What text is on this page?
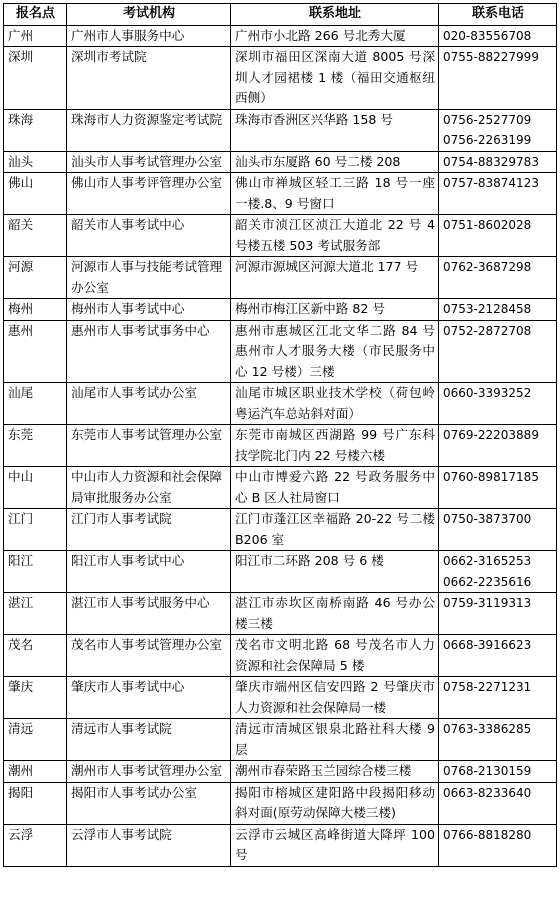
报名点	考试机构	联系地址	联系电话
广州	广州市人事服务中心	广州市小北路 266 号北秀大厦	020-83556708

深圳	深圳市考试院	深圳市福田区深南大道 8005 号深圳人才园裙楼 1 楼（福田交通枢纽西侧）	0755-88227999

珠海	珠海市人力资源鉴定考试院	珠海市香洲区兴华路 158 号	0756-2527709
0756-2263199

汕头	汕头市人事考试管理办公室	汕头市东厦路 60 号二楼 208	0754-88329783

佛山	佛山市人事考评管理办公室	佛山市禅城区轻工三路 18 号一座一楼.8、9 号窗口	0757-83874123

韶关	韶关市人事考试中心	韶关市浈江区浈江大道北 22 号 4 号楼五楼 503 考试服务部	0751-8602028

河源	河源市人事与技能考试管理办公室	河源市源城区河源大道北 177 号	0762-3687298

梅州	梅州市人事考试中心	梅州市梅江区新中路 82 号	0753-2128458

惠州	惠州市人事考试事务中心	惠州市惠城区江北文华二路 84 号惠州市人才服务大楼（市民服务中心 12 号楼）三楼	0752-2872708

汕尾	汕尾市人事考试办公室	汕尾市城区职业技术学校（荷包岭粤运汽车总站斜对面）	0660-3393252

东莞	东莞市人事考试管理办公室	东莞市南城区西湖路 99 号广东科技学院北门内 22 号楼六楼	0769-22203889

中山	中山市人力资源和社会保障局审批服务办公室	中山市博爱六路 22 号政务服务中心 B 区人社局窗口	0760-89817185

江门	江门市人事考试院	江门市蓬江区幸福路 20-22 号二楼 B206 室	0750-3873700

阳江	阳江市人事考试中心	阳江市二环路 208 号 6 楼	0662-3165253
0662-2235616

湛江	湛江市人事考试服务中心	湛江市赤坎区南桥南路 46 号办公楼三楼	0759-3119313

茂名	茂名市人事考试管理办公室	茂名市文明北路 68 号茂名市人力资源和社会保障局 5 楼	0668-3916623

肇庆	肇庆市人事考试中心	肇庆市端州区信安四路 2 号肇庆市人力资源和社会保障局一楼	0758-2271231

清远	清远市人事考试院	清远市清城区银泉北路社科大楼 9 层	0763-3386285

潮州	潮州市人事考试管理办公室	潮州市春荣路玉兰园综合楼三楼	0768-2130159

揭阳	揭阳市人事考试办公室	揭阳市榕城区建阳路中段揭阳移动斜对面(原劳动保障大楼三楼)	0663-8233640

云浮	云浮市人事考试院	云浮市云城区高峰街道大降坪 100 号	0766-8818280
